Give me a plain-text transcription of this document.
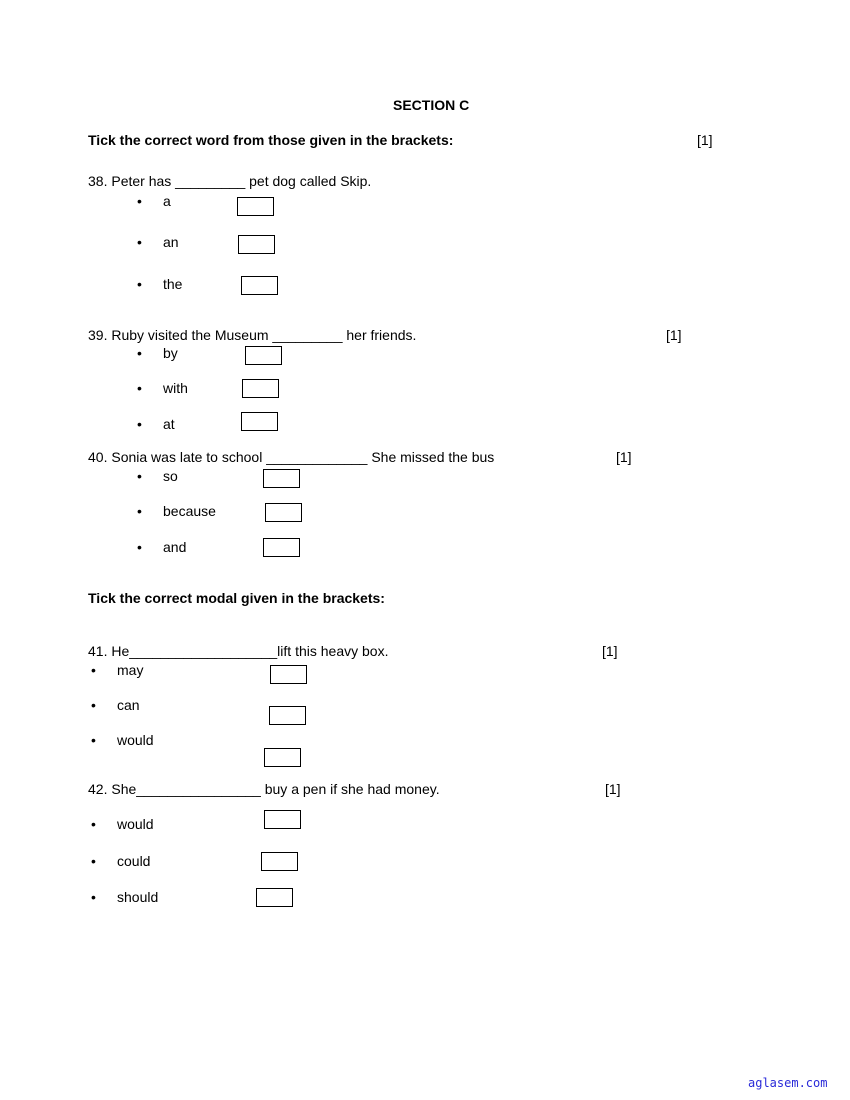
SECTION C
Tick the correct word from those given in the brackets:	[1]
38. Peter has _________ pet dog called Skip.
• a
• an
• the
39. Ruby visited the Museum _________ her friends.	[1]
• by
• with
• at
40. Sonia was late to school _____________ She missed the bus	[1]
• so
• because
• and
Tick the correct modal given in the brackets:
41. He___________________lift this heavy box.	[1]
• may
• can
• would
42. She________________ buy a pen if she had money.	[1]
• would
• could
• should
aglasem.com
